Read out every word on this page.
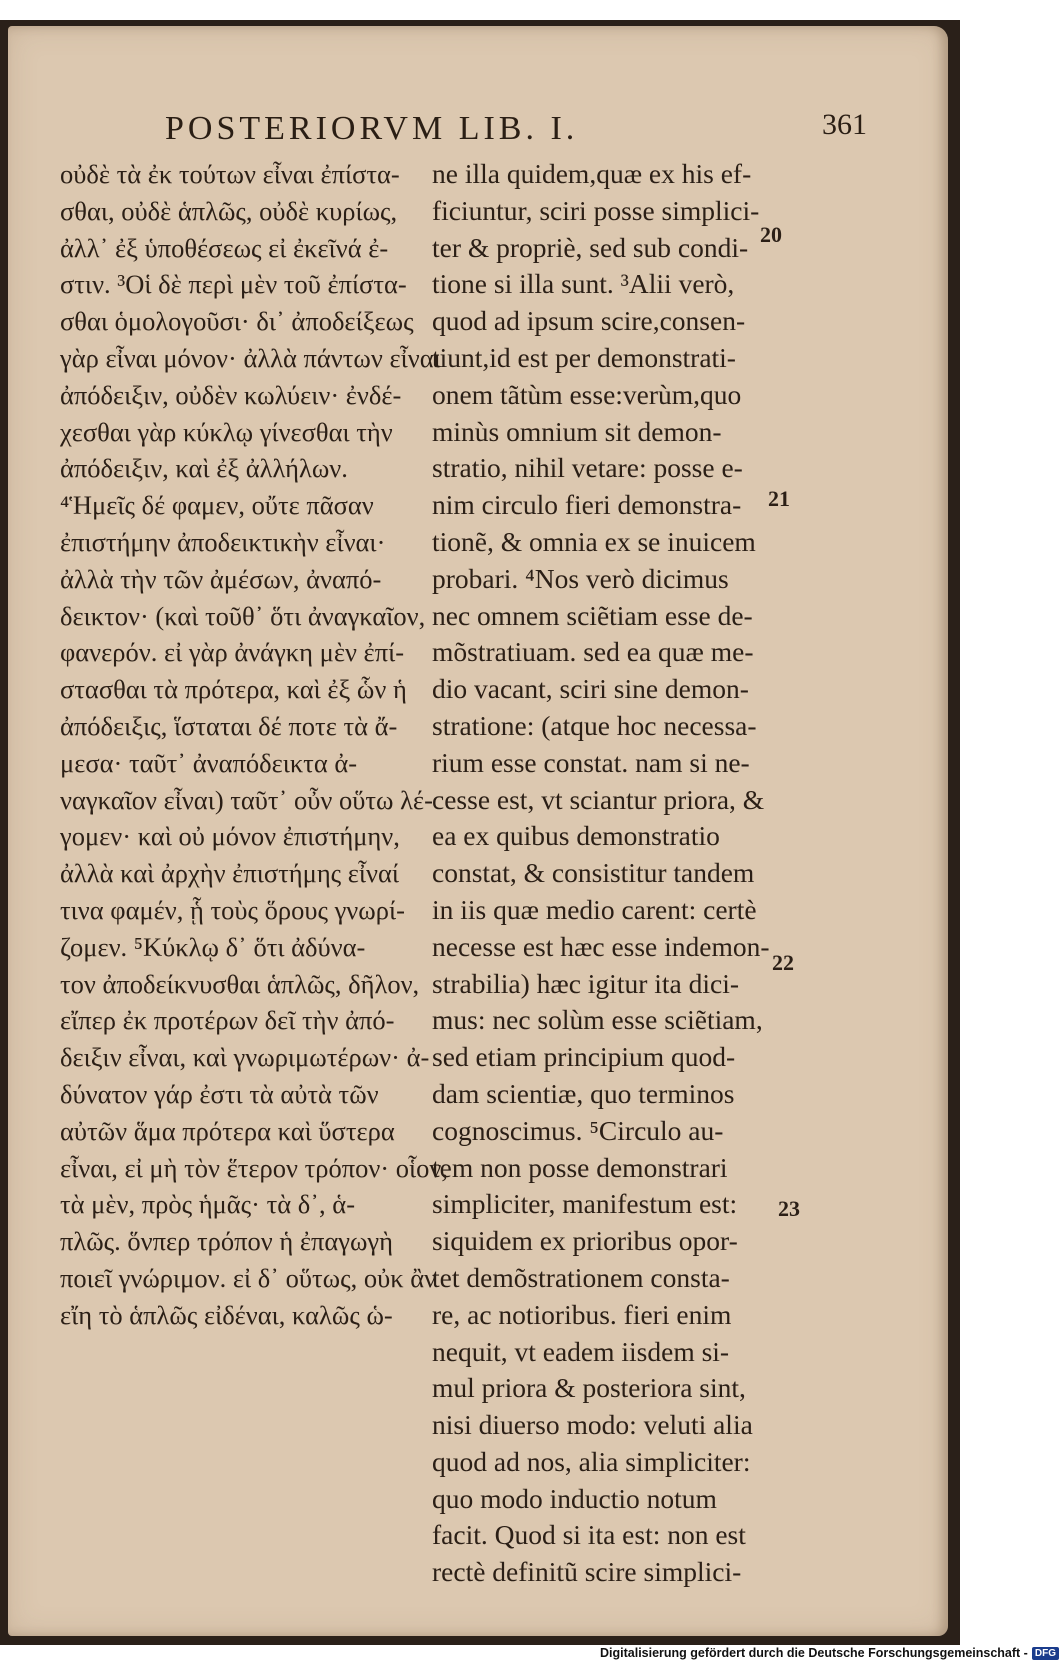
POSTERIORVM LIB. I.	361
οὐδὲ τὰ ἐκ τούτων εἶναι ἐπίστα-
σθαι, οὐδὲ ἁπλῶς, οὐδὲ κυρίως,
ἀλλ᾽ ἐξ ὑποθέσεως εἰ ἐκεῖνά ἐ-
στιν. ³Οἱ δὲ περὶ μὲν τοῦ ἐπίστα-
σθαι ὁμολογοῦσι· δι᾽ ἀποδείξεως
γὰρ εἶναι μόνον· ἀλλὰ πάντων εἶναι
ἀπόδειξιν, οὐδὲν κωλύειν· ἐνδέ-
χεσθαι γὰρ κύκλῳ γίνεσθαι τὴν
ἀπόδειξιν, καὶ ἐξ ἀλλήλων.
⁴Ἡμεῖς δέ φαμεν, οὔτε πᾶσαν
ἐπιστήμην ἀποδεικτικὴν εἶναι·
ἀλλὰ τὴν τῶν ἀμέσων, ἀναπό-
δεικτον· (καὶ τοῦθ᾽ ὅτι ἀναγκαῖον,
φανερόν. εἰ γὰρ ἀνάγκη μὲν ἐπί-
στασθαι τὰ πρότερα, καὶ ἐξ ὧν ἡ
ἀπόδειξις, ἵσταται δέ ποτε τὰ ἄ-
μεσα· ταῦτ᾽ ἀναπόδεικτα ἀ-
ναγκαῖον εἶναι) ταῦτ᾽ οὖν οὕτω λέ-
γομεν· καὶ οὐ μόνον ἐπιστήμην,
ἀλλὰ καὶ ἀρχὴν ἐπιστήμης εἶναί
τινα φαμέν, ᾗ τοὺς ὅρους γνωρί-
ζομεν. ⁵Κύκλῳ δ᾽ ὅτι ἀδύνα-
τον ἀποδείκνυσθαι ἁπλῶς, δῆλον,
εἴπερ ἐκ προτέρων δεῖ τὴν ἀπό-
δειξιν εἶναι, καὶ γνωριμωτέρων· ἀ-
δύνατον γάρ ἐστι τὰ αὐτὰ τῶν
αὐτῶν ἅμα πρότερα καὶ ὕστερα
εἶναι, εἰ μὴ τὸν ἕτερον τρόπον· οἷον,
τὰ μὲν, πρὸς ἡμᾶς· τὰ δ᾽, ἁ-
πλῶς. ὅνπερ τρόπον ἡ ἐπαγωγὴ
ποιεῖ γνώριμον. εἰ δ᾽ οὕτως, οὐκ ἂν
εἴη τὸ ἁπλῶς εἰδέναι, καλῶς ὡ-
ne illa quidem,quæ ex his ef-
ficiuntur, sciri posse simplici-
ter & propriè, sed sub condi-
tione si illa sunt. ³Alii verò,
quod ad ipsum scire,consen-
tiunt,id est per demonstrati-
onem tãtùm esse:verùm,quo
minùs omnium sit demon-
stratio, nihil vetare: posse e-
nim circulo fieri demonstra-
tionẽ, & omnia ex se inuicem
probari. ⁴Nos verò dicimus
nec omnem sciẽtiam esse de-
mõstratiuam. sed ea quæ me-
dio vacant, sciri sine demon-
stratione: (atque hoc necessa-
rium esse constat. nam si ne-
cesse est, vt sciantur priora, &
ea ex quibus demonstratio
constat, & consistitur tandem
in iis quæ medio carent: certè
necesse est hæc esse indemon-
strabilia) hæc igitur ita dici-
mus: nec solùm esse sciẽtiam,
sed etiam principium quod-
dam scientiæ, quo terminos
cognoscimus. ⁵Circulo au-
tem non posse demonstrari
simpliciter, manifestum est:
siquidem ex prioribus opor-
tet demõstrationem consta-
re, ac notioribus. fieri enim
nequit, vt eadem iisdem si-
mul priora & posteriora sint,
nisi diuerso modo: veluti alia
quod ad nos, alia simpliciter:
quo modo inductio notum
facit. Quod si ita est: non est
rectè definitũ scire simplici-
20
21
22
23
Digitalisierung gefördert durch die Deutsche Forschungsgemeinschaft - DFG
